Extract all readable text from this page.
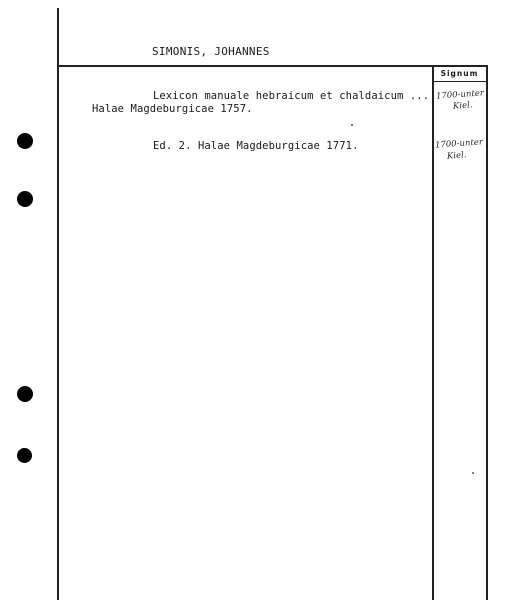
SIMONIS, JOHANNES
Signum
Lexicon manuale hebraicum et chaldaicum ...
Halae Magdeburgicae 1757.
1700-unter
Kiel.
Ed. 2. Halae Magdeburgicae 1771.	1700-unter
Kiel.
